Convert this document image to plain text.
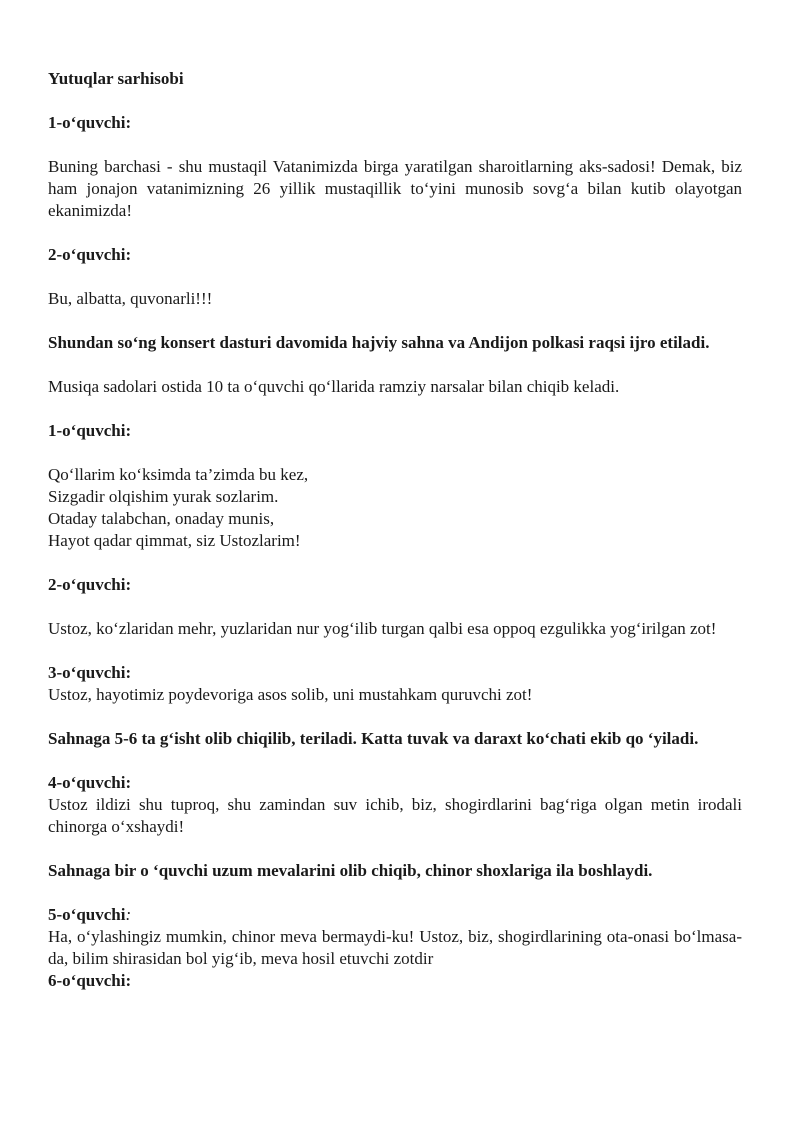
Yutuqlar sarhisobi

1-o‘quvchi:

Buning barchasi - shu mustaqil Vatanimizda birga yaratilgan sharoitlarning aks-sadosi! Demak, biz ham jonajon vatanimizning 26 yillik mustaqillik to‘yini munosib sovg‘a bilan kutib olayotgan ekanimizda!

2-o‘quvchi:

Bu, albatta, quvonarli!!!

Shundan so‘ng konsert dasturi davomida hajviy sahna va Andijon polkasi raqsi ijro etiladi.

Musiqa sadolari ostida 10 ta o‘quvchi qo‘llarida ramziy narsalar bilan chiqib keladi.

1-o‘quvchi:

Qo‘llarim ko‘ksimda ta’zimda bu kez,
Sizgadir olqishim yurak sozlarim.
Otaday talabchan, onaday munis,
Hayot qadar qimmat, siz Ustozlarim!

2-o‘quvchi:

Ustoz, ko‘zlaridan mehr, yuzlaridan nur yog‘ilib turgan qalbi esa oppoq ezgulikka yog‘irilgan zot!

3-o‘quvchi:

Ustoz, hayotimiz poydevoriga asos solib, uni mustahkam quruvchi zot!

Sahnaga 5-6 ta g‘isht olib chiqilib, teriladi. Katta tuvak va daraxt ko‘chati ekib qo ‘yiladi.

4-o‘quvchi:

Ustoz ildizi shu tuproq, shu zamindan suv ichib, biz, shogirdlarini bag‘riga olgan metin irodali chinorga o‘xshaydi!

Sahnaga bir o ‘quvchi uzum mevalarini olib chiqib, chinor shoxlariga ila boshlaydi.

5-o‘quvchi:

Ha, o‘ylashingiz mumkin, chinor meva bermaydi-ku! Ustoz, biz, shogirdlarining ota-onasi bo‘lmasa-da, bilim shirasidan bol yig‘ib, meva hosil etuvchi zotdir

6-o‘quvchi:
